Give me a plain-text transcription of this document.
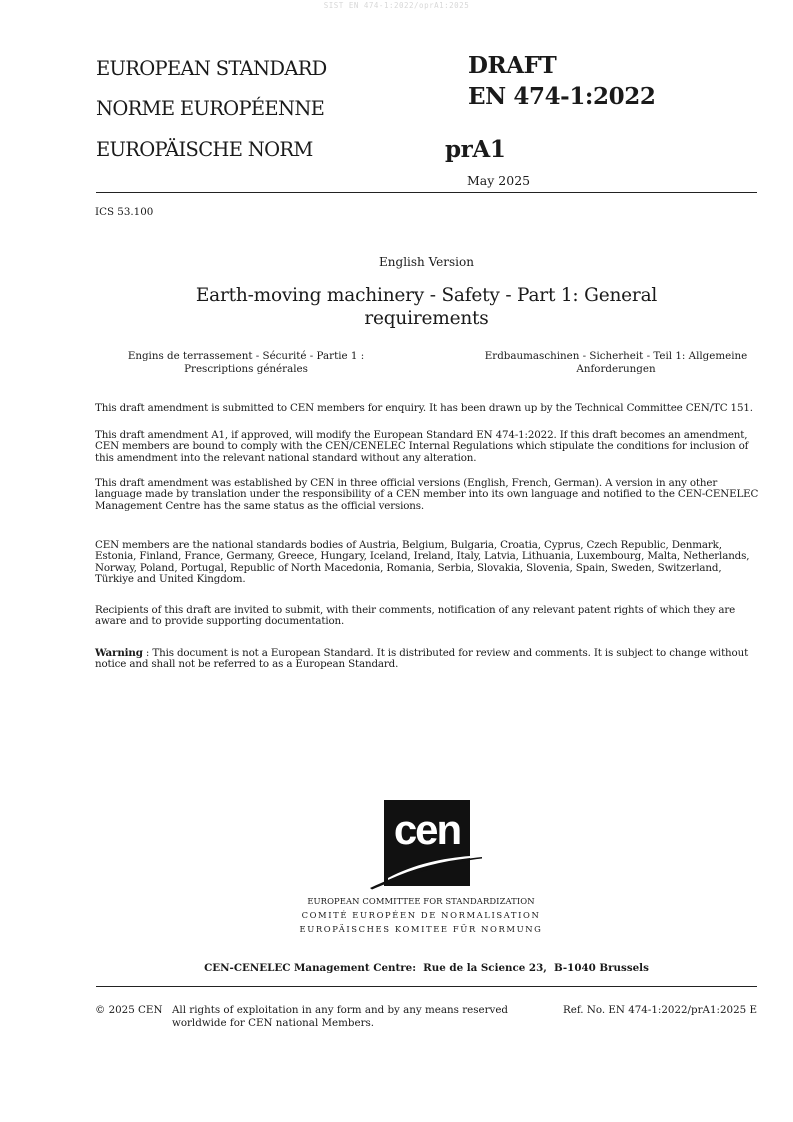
SIST EN 474-1:2022/oprA1:2025
EUROPEAN STANDARD
NORME EUROPÉENNE
EUROPÄISCHE NORM
DRAFT
EN 474-1:2022
prA1
May 2025
ICS 53.100
English Version
Earth-moving machinery - Safety - Part 1: General requirements
Engins de terrassement - Sécurité - Partie 1 : Prescriptions générales
Erdbaumaschinen - Sicherheit - Teil 1: Allgemeine Anforderungen
This draft amendment is submitted to CEN members for enquiry. It has been drawn up by the Technical Committee CEN/TC 151.
This draft amendment A1, if approved, will modify the European Standard EN 474-1:2022. If this draft becomes an amendment, CEN members are bound to comply with the CEN/CENELEC Internal Regulations which stipulate the conditions for inclusion of this amendment into the relevant national standard without any alteration.
This draft amendment was established by CEN in three official versions (English, French, German). A version in any other language made by translation under the responsibility of a CEN member into its own language and notified to the CEN-CENELEC Management Centre has the same status as the official versions.
CEN members are the national standards bodies of Austria, Belgium, Bulgaria, Croatia, Cyprus, Czech Republic, Denmark, Estonia, Finland, France, Germany, Greece, Hungary, Iceland, Ireland, Italy, Latvia, Lithuania, Luxembourg, Malta, Netherlands, Norway, Poland, Portugal, Republic of North Macedonia, Romania, Serbia, Slovakia, Slovenia, Spain, Sweden, Switzerland, Türkiye and United Kingdom.
Recipients of this draft are invited to submit, with their comments, notification of any relevant patent rights of which they are aware and to provide supporting documentation.
Warning : This document is not a European Standard. It is distributed for review and comments. It is subject to change without notice and shall not be referred to as a European Standard.
cen
EUROPEAN COMMITTEE FOR STANDARDIZATION
COMITÉ EUROPÉEN DE NORMALISATION
EUROPÄISCHES KOMITEE FÜR NORMUNG
CEN-CENELEC Management Centre:  Rue de la Science 23,  B-1040 Brussels
© 2025 CEN All rights of exploitation in any form and by any means reserved
worldwide for CEN national Members.
Ref. No. EN 474-1:2022/prA1:2025 E
